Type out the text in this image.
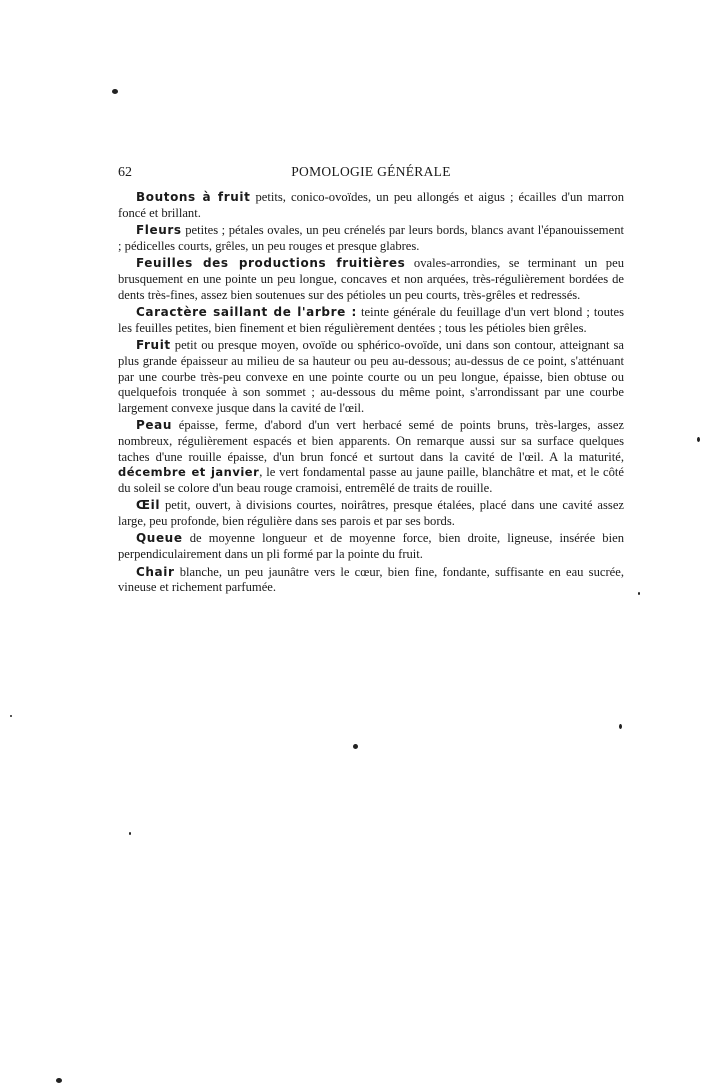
62	POMOLOGIE GÉNÉRALE

Boutons à fruit petits, conico-ovoïdes, un peu allongés et aigus ; écailles d'un marron foncé et brillant.

Fleurs petites ; pétales ovales, un peu crénelés par leurs bords, blancs avant l'épanouissement ; pédicelles courts, grêles, un peu rouges et presque glabres.

Feuilles des productions fruitières ovales-arrondies, se terminant un peu brusquement en une pointe un peu longue, concaves et non arquées, très-régulièrement bordées de dents très-fines, assez bien soutenues sur des pétioles un peu courts, très-grêles et redressés.

Caractère saillant de l'arbre : teinte générale du feuillage d'un vert blond ; toutes les feuilles petites, bien finement et bien régulièrement dentées ; tous les pétioles bien grêles.

Fruit petit ou presque moyen, ovoïde ou sphérico-ovoïde, uni dans son contour, atteignant sa plus grande épaisseur au milieu de sa hauteur ou peu au-dessous; au-dessus de ce point, s'atténuant par une courbe très-peu convexe en une pointe courte ou un peu longue, épaisse, bien obtuse ou quelquefois tronquée à son sommet ; au-dessous du même point, s'arrondissant par une courbe largement convexe jusque dans la cavité de l'œil.

Peau épaisse, ferme, d'abord d'un vert herbacé semé de points bruns, très-larges, assez nombreux, régulièrement espacés et bien apparents. On remarque aussi sur sa surface quelques taches d'une rouille épaisse, d'un brun foncé et surtout dans la cavité de l'œil. A la maturité, décembre et janvier, le vert fondamental passe au jaune paille, blanchâtre et mat, et le côté du soleil se colore d'un beau rouge cramoisi, entremêlé de traits de rouille.

Œil petit, ouvert, à divisions courtes, noirâtres, presque étalées, placé dans une cavité assez large, peu profonde, bien régulière dans ses parois et par ses bords.

Queue de moyenne longueur et de moyenne force, bien droite, ligneuse, insérée bien perpendiculairement dans un pli formé par la pointe du fruit.

Chair blanche, un peu jaunâtre vers le cœur, bien fine, fondante, suffisante en eau sucrée, vineuse et richement parfumée.
